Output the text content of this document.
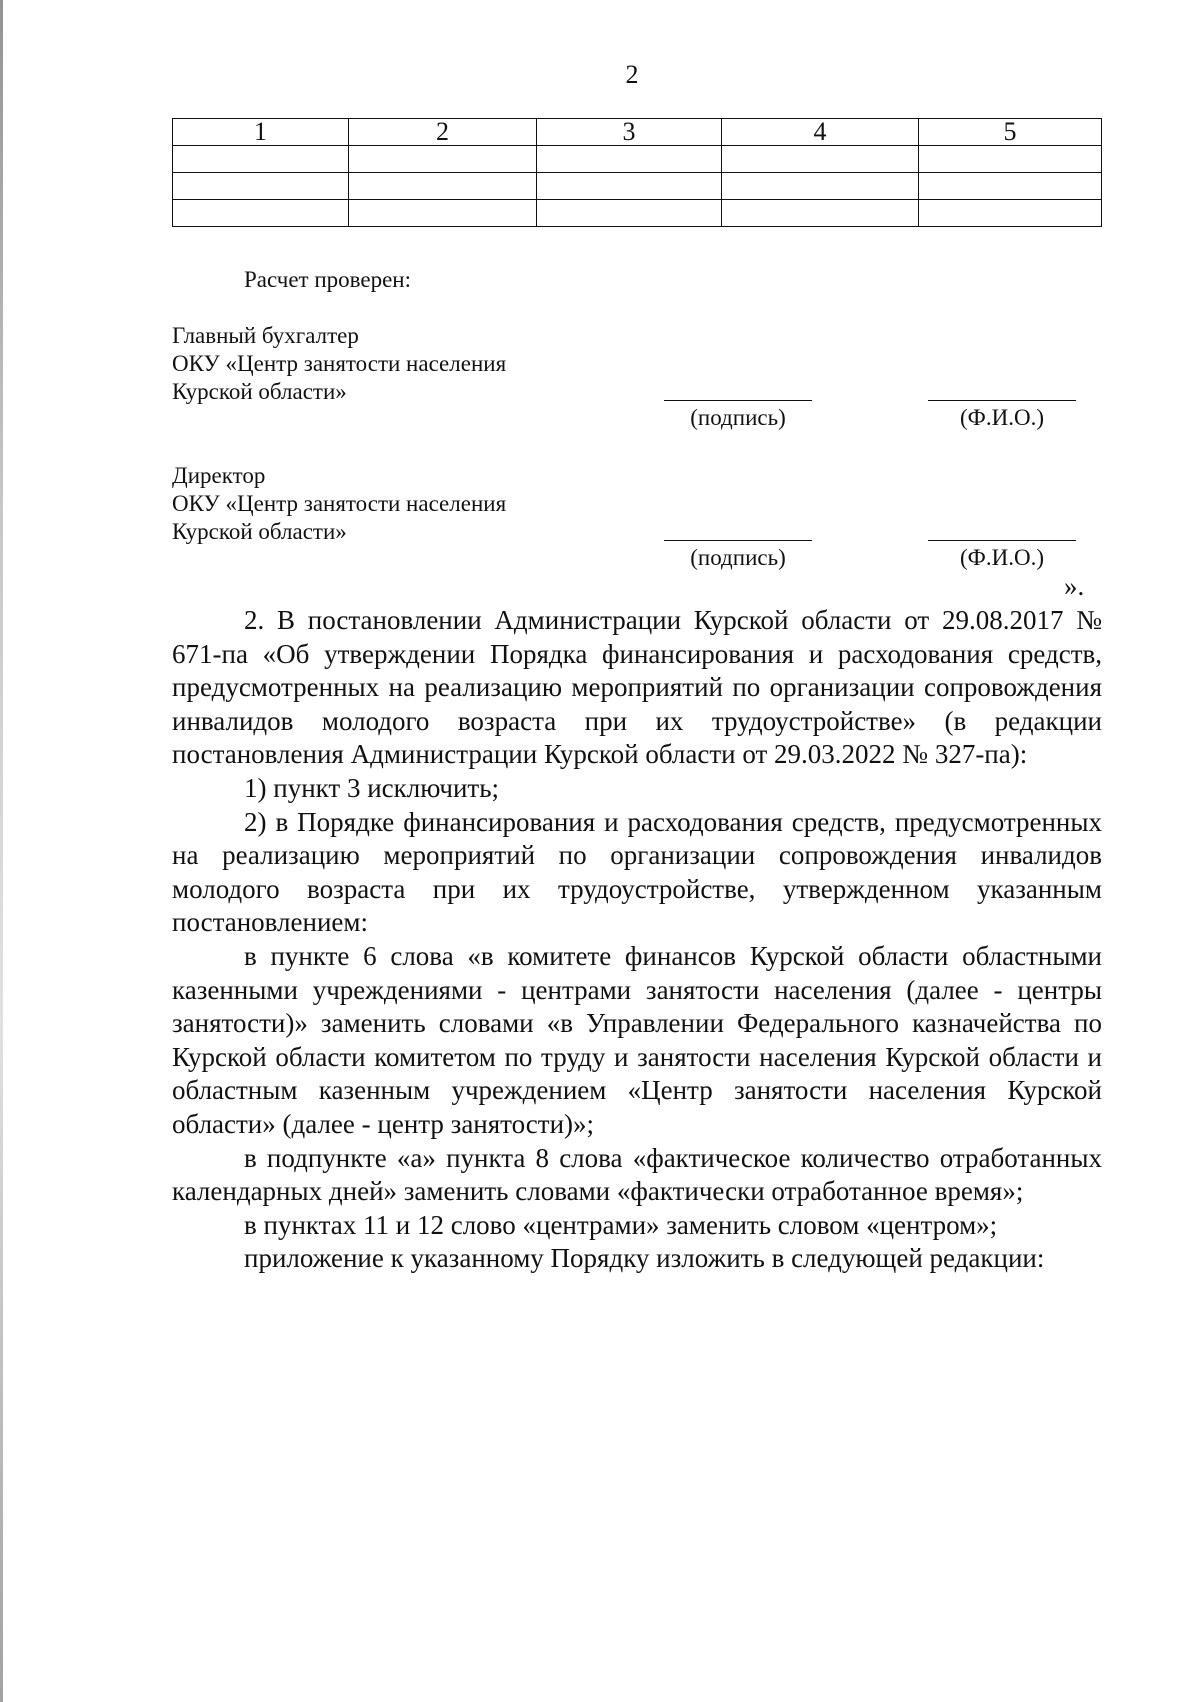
2
1	2	3	4	5

Расчет проверен:
Главный бухгалтер
ОКУ «Центр занятости населения
Курской области»
(подпись)	(Ф.И.О.)
Директор
ОКУ «Центр занятости населения
Курской области»
(подпись)	(Ф.И.О.)
».

2. В постановлении Администрации Курской области от 29.08.2017 № 671-па «Об утверждении Порядка финансирования и расходования средств, предусмотренных на реализацию мероприятий по организации сопровождения инвалидов молодого возраста при их трудоустройстве» (в редакции постановления Администрации Курской области от 29.03.2022 № 327-па):

1) пункт 3 исключить;

2) в Порядке финансирования и расходования средств, предусмотренных на реализацию мероприятий по организации сопровождения инвалидов молодого возраста при их трудоустройстве, утвержденном указанным постановлением:

в пункте 6 слова «в комитете финансов Курской области областными казенными учреждениями - центрами занятости населения (далее - центры занятости)» заменить словами «в Управлении Федерального казначейства по Курской области комитетом по труду и занятости населения Курской области и областным казенным учреждением «Центр занятости населения Курской области» (далее - центр занятости)»;

в подпункте «а» пункта 8 слова «фактическое количество отработанных календарных дней» заменить словами «фактически отработанное время»;

в пунктах 11 и 12 слово «центрами» заменить словом «центром»;

приложение к указанному Порядку изложить в следующей редакции:
